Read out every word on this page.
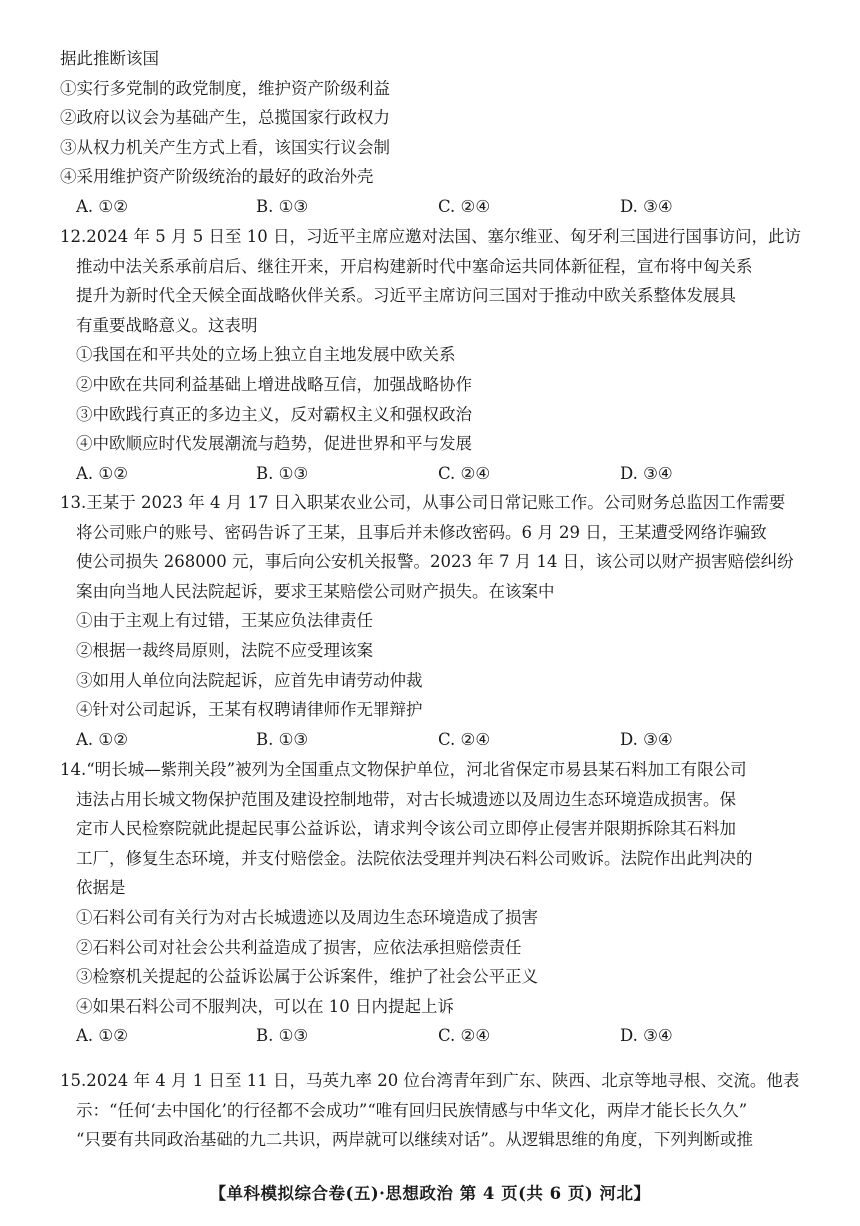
据此推断该国
①实行多党制的政党制度，维护资产阶级利益
②政府以议会为基础产生，总揽国家行政权力
③从权力机关产生方式上看，该国实行议会制
④采用维护资产阶级统治的最好的政治外壳
A. ①②	B. ①③	C. ②④	D. ③④
12. 2024 年 5 月 5 日至 10 日，习近平主席应邀对法国、塞尔维亚、匈牙利三国进行国事访问，此访
推动中法关系承前启后、继往开来，开启构建新时代中塞命运共同体新征程，宣布将中匈关系
提升为新时代全天候全面战略伙伴关系。习近平主席访问三国对于推动中欧关系整体发展具
有重要战略意义。这表明
①我国在和平共处的立场上独立自主地发展中欧关系
②中欧在共同利益基础上增进战略互信，加强战略协作
③中欧践行真正的多边主义，反对霸权主义和强权政治
④中欧顺应时代发展潮流与趋势，促进世界和平与发展
A. ①②	B. ①③	C. ②④	D. ③④
13. 王某于 2023 年 4 月 17 日入职某农业公司，从事公司日常记账工作。公司财务总监因工作需要
将公司账户的账号、密码告诉了王某，且事后并未修改密码。6 月 29 日，王某遭受网络诈骗致
使公司损失 268000 元，事后向公安机关报警。2023 年 7 月 14 日，该公司以财产损害赔偿纠纷
案由向当地人民法院起诉，要求王某赔偿公司财产损失。在该案中
①由于主观上有过错，王某应负法律责任
②根据一裁终局原则，法院不应受理该案
③如用人单位向法院起诉，应首先申请劳动仲裁
④针对公司起诉，王某有权聘请律师作无罪辩护
A. ①②	B. ①③	C. ②④	D. ③④
14. “明长城—紫荆关段”被列为全国重点文物保护单位，河北省保定市易县某石料加工有限公司
违法占用长城文物保护范围及建设控制地带，对古长城遗迹以及周边生态环境造成损害。保
定市人民检察院就此提起民事公益诉讼，请求判令该公司立即停止侵害并限期拆除其石料加
工厂，修复生态环境，并支付赔偿金。法院依法受理并判决石料公司败诉。法院作出此判决的
依据是
①石料公司有关行为对古长城遗迹以及周边生态环境造成了损害
②石料公司对社会公共利益造成了损害，应依法承担赔偿责任
③检察机关提起的公益诉讼属于公诉案件，维护了社会公平正义
④如果石料公司不服判决，可以在 10 日内提起上诉
A. ①②	B. ①③	C. ②④	D. ③④
15. 2024 年 4 月 1 日至 11 日，马英九率 20 位台湾青年到广东、陕西、北京等地寻根、交流。他表
示：“任何‘去中国化’的行径都不会成功”“唯有回归民族情感与中华文化，两岸才能长长久久”
“只要有共同政治基础的九二共识，两岸就可以继续对话”。从逻辑思维的角度，下列判断或推
【单科模拟综合卷(五)·思想政治 第 4 页(共 6 页) 河北】
